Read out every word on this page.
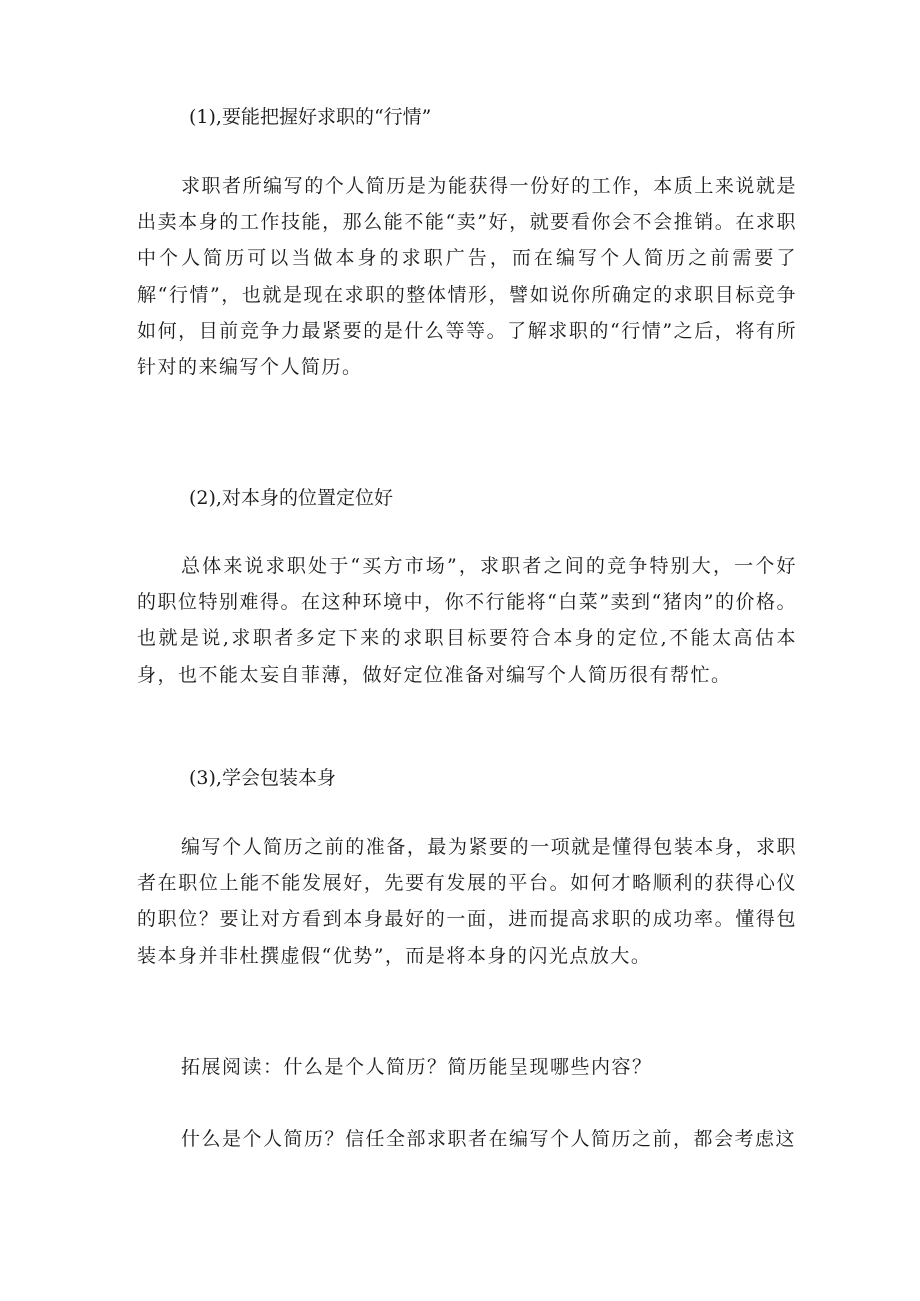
(1),要能把握好求职的“行情”
求职者所编写的个人简历是为能获得一份好的工作，本质上来说就是出卖本身的工作技能，那么能不能“卖”好，就要看你会不会推销。在求职中个人简历可以当做本身的求职广告，而在编写个人简历之前需要了解“行情”，也就是现在求职的整体情形，譬如说你所确定的求职目标竞争如何，目前竞争力最紧要的是什么等等。了解求职的“行情”之后，将有所针对的来编写个人简历。
(2),对本身的位置定位好
总体来说求职处于“买方市场”，求职者之间的竞争特别大，一个好的职位特别难得。在这种环境中，你不行能将“白菜”卖到“猪肉”的价格。也就是说,求职者多定下来的求职目标要符合本身的定位,不能太高估本身，也不能太妄自菲薄，做好定位准备对编写个人简历很有帮忙。
(3),学会包装本身
编写个人简历之前的准备，最为紧要的一项就是懂得包装本身，求职者在职位上能不能发展好，先要有发展的平台。如何才略顺利的获得心仪的职位？要让对方看到本身最好的一面，进而提高求职的成功率。懂得包装本身并非杜撰虚假“优势”，而是将本身的闪光点放大。
拓展阅读：什么是个人简历？简历能呈现哪些内容？
什么是个人简历？信任全部求职者在编写个人简历之前，都会考虑这
